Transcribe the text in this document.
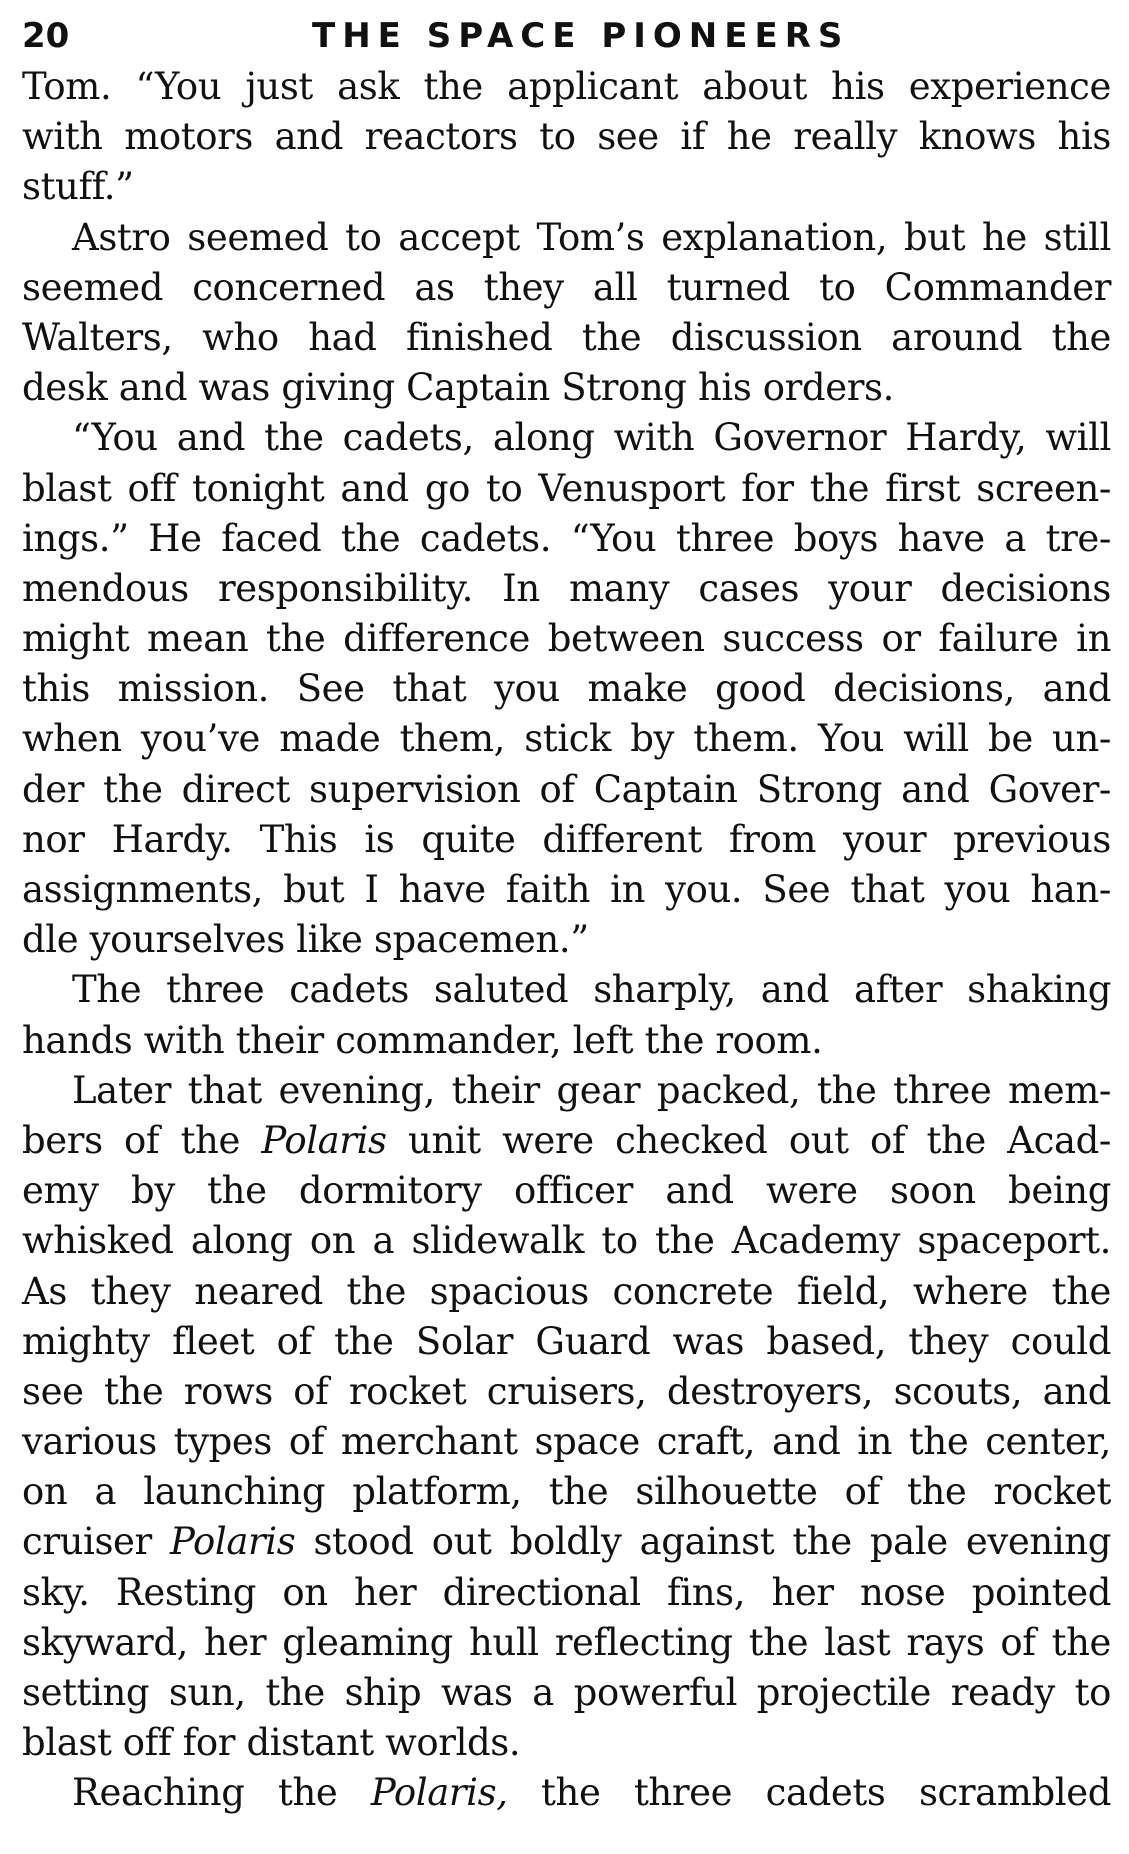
20	THE SPACE PIONEERS
Tom. “You just ask the applicant about his experience
with motors and reactors to see if he really knows his
stuff.”
Astro seemed to accept Tom’s explanation, but he still
seemed concerned as they all turned to Commander
Walters, who had finished the discussion around the
desk and was giving Captain Strong his orders.
“You and the cadets, along with Governor Hardy, will
blast off tonight and go to Venusport for the first screen-
ings.” He faced the cadets. “You three boys have a tre-
mendous responsibility. In many cases your decisions
might mean the difference between success or failure in
this mission. See that you make good decisions, and
when you’ve made them, stick by them. You will be un-
der the direct supervision of Captain Strong and Gover-
nor Hardy. This is quite different from your previous
assignments, but I have faith in you. See that you han-
dle yourselves like spacemen.”
The three cadets saluted sharply, and after shaking
hands with their commander, left the room.
Later that evening, their gear packed, the three mem-
bers of the Polaris unit were checked out of the Acad-
emy by the dormitory officer and were soon being
whisked along on a slidewalk to the Academy spaceport.
As they neared the spacious concrete field, where the
mighty fleet of the Solar Guard was based, they could
see the rows of rocket cruisers, destroyers, scouts, and
various types of merchant space craft, and in the center,
on a launching platform, the silhouette of the rocket
cruiser Polaris stood out boldly against the pale evening
sky. Resting on her directional fins, her nose pointed
skyward, her gleaming hull reflecting the last rays of the
setting sun, the ship was a powerful projectile ready to
blast off for distant worlds.
Reaching the Polaris, the three cadets scrambled
